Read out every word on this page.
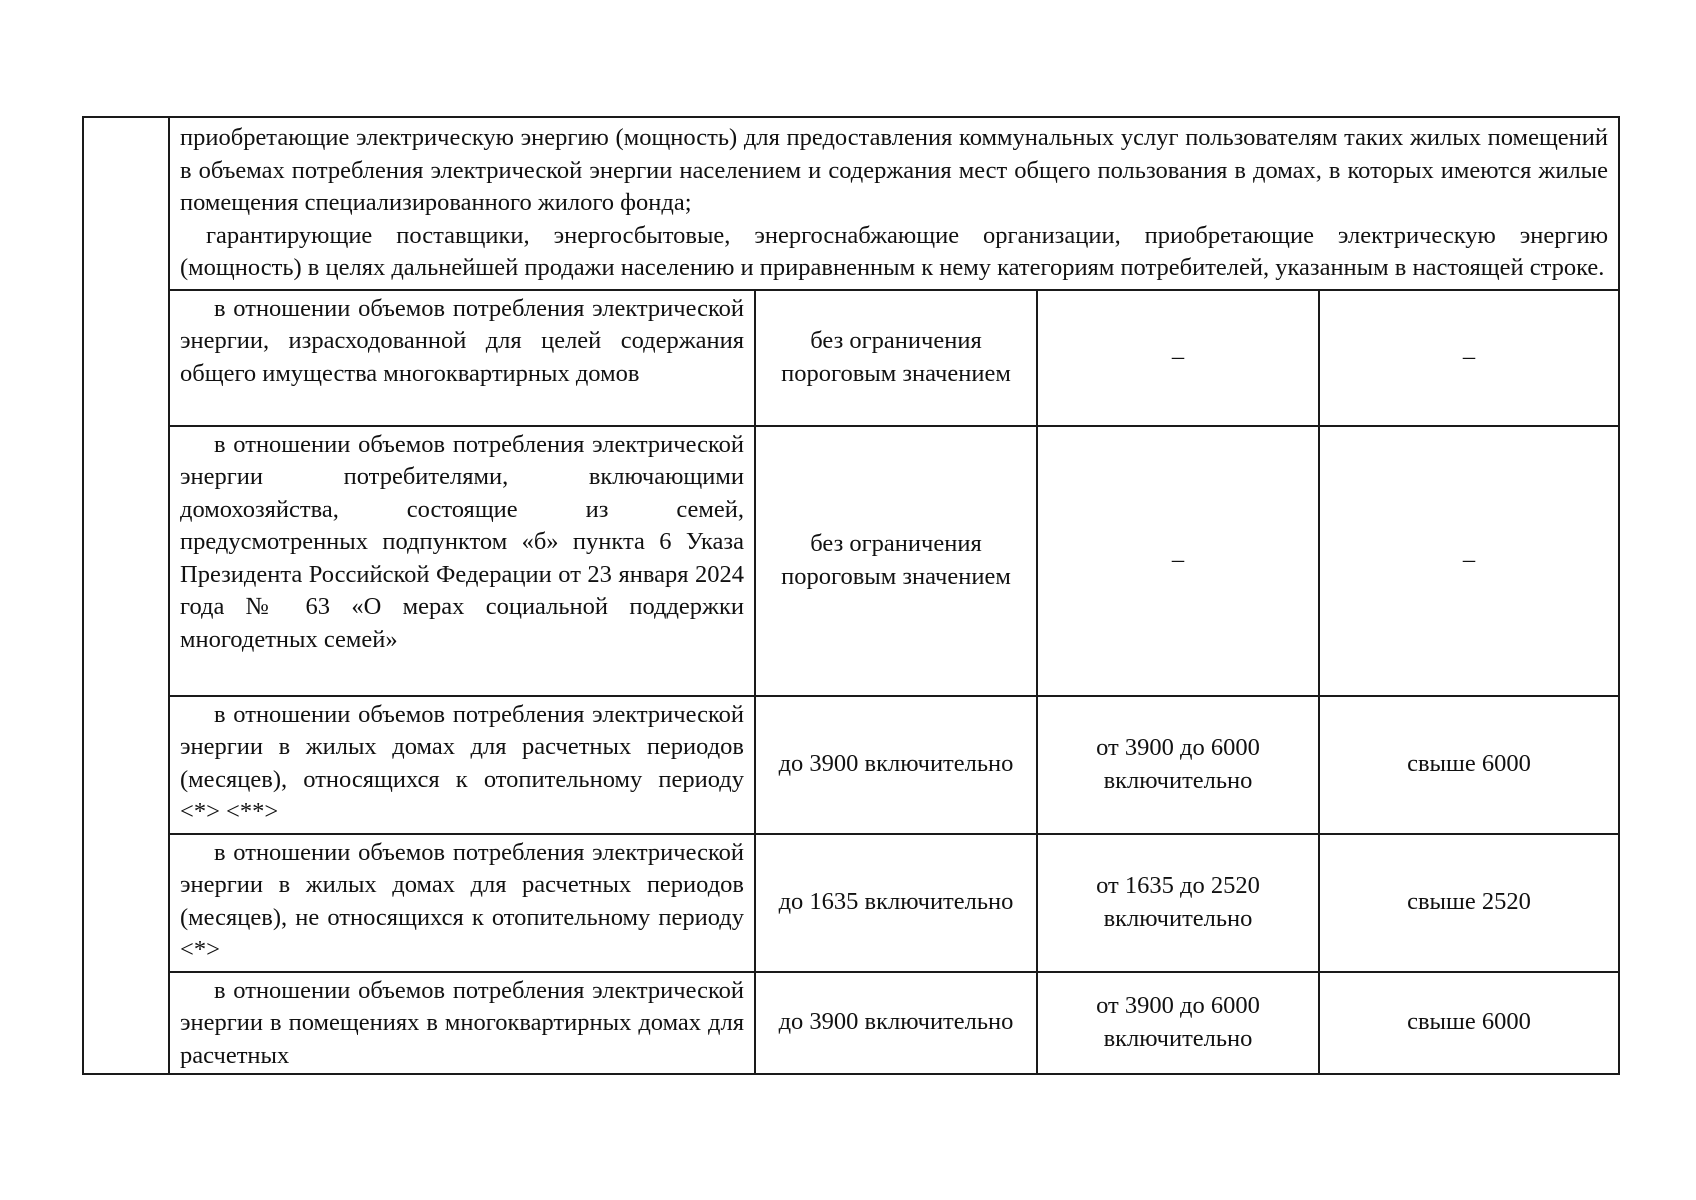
	приобретающие электрическую энергию (мощность) для предоставления коммунальных услуг пользователям таких жилых помещений в объемах потребления электрической энергии населением и содержания мест общего пользования в домах, в которых имеются жилые помещения специализированного жилого фонда;

гарантирующие поставщики, энергосбытовые, энергоснабжающие организации, приобретающие электрическую энергию (мощность) в целях дальнейшей продажи населению и приравненным к нему категориям потребителей, указанным в настоящей строке.			

	в отношении объемов потребления электрической энергии, израсходованной для целей содержания общего имущества многоквартирных домов	без ограничения пороговым значением	–	–
	в отношении объемов потребления электрической энергии потребителями, включающими домохозяйства, состоящие из семей, предусмотренных подпунктом «б» пункта 6 Указа Президента Российской Федерации от 23 января 2024 года № 63 «О мерах социальной поддержки многодетных семей»	без ограничения пороговым значением	–	–
	в отношении объемов потребления электрической энергии в жилых домах для расчетных периодов (месяцев), относящихся к отопительному периоду <*> <**>	до 3900 включительно	от 3900 до 6000 включительно	свыше 6000
	в отношении объемов потребления электрической энергии в жилых домах для расчетных периодов (месяцев), не относящихся к отопительному периоду <*>	до 1635 включительно	от 1635 до 2520 включительно	свыше 2520

	в отношении объемов потребления электрической энергии в помещениях в многоквартирных домах для расчетных	до 3900 включительно	от 3900 до 6000 включительно	свыше 6000
